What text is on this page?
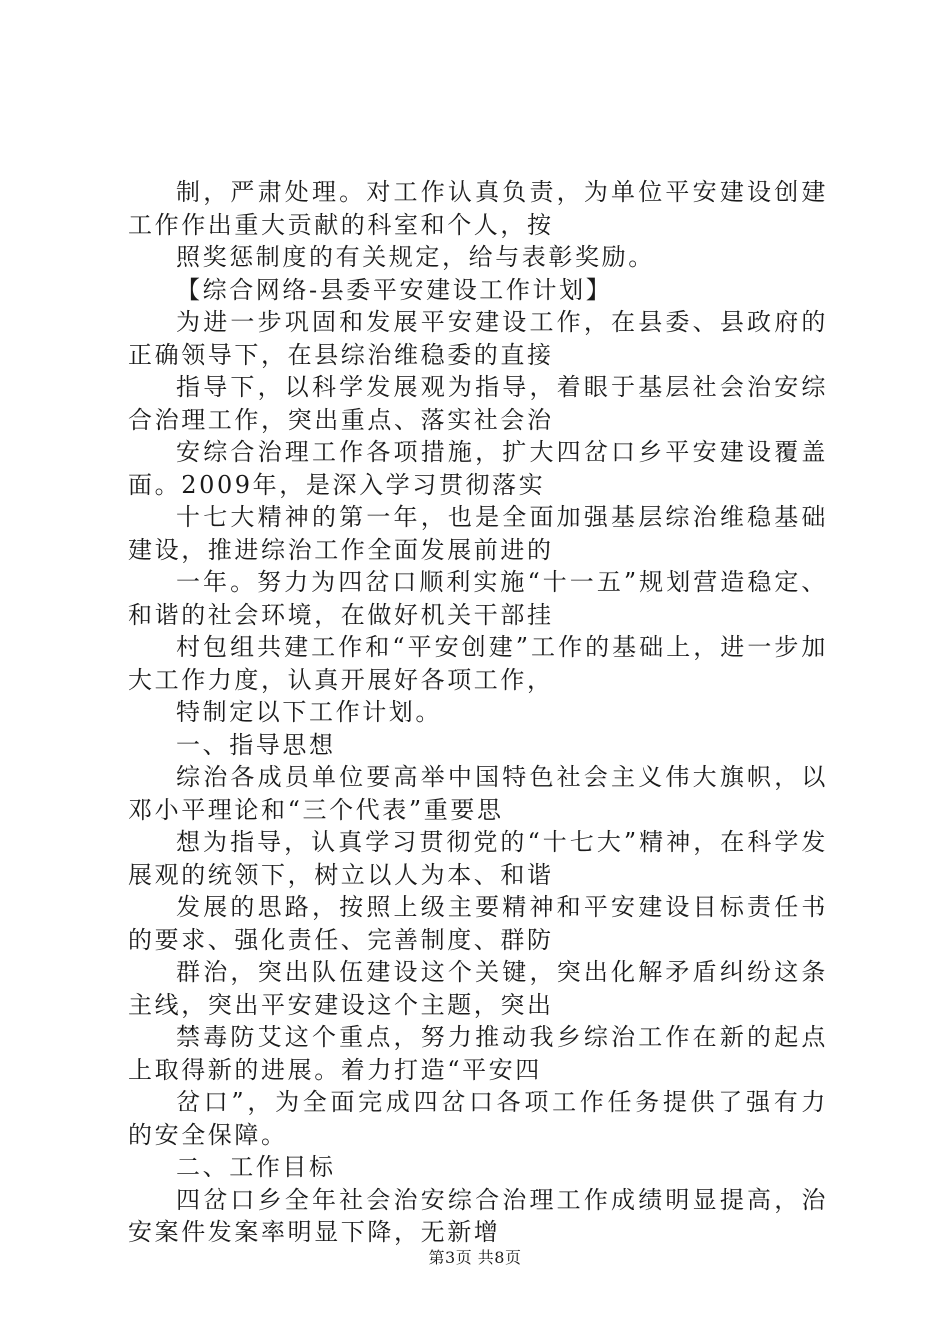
制，严肃处理。对工作认真负责，为单位平安建设创建工作作出重大贡献的科室和个人，按

照奖惩制度的有关规定，给与表彰奖励。

【综合网络-县委平安建设工作计划】

为进一步巩固和发展平安建设工作，在县委、县政府的正确领导下，在县综治维稳委的直接

指导下，以科学发展观为指导，着眼于基层社会治安综合治理工作，突出重点、落实社会治

安综合治理工作各项措施，扩大四岔口乡平安建设覆盖面。2009年，是深入学习贯彻落实

十七大精神的第一年，也是全面加强基层综治维稳基础建设，推进综治工作全面发展前进的

一年。努力为四岔口顺利实施“十一五”规划营造稳定、和谐的社会环境，在做好机关干部挂

村包组共建工作和“平安创建”工作的基础上，进一步加大工作力度，认真开展好各项工作，

特制定以下工作计划。

一、指导思想

综治各成员单位要高举中国特色社会主义伟大旗帜，以邓小平理论和“三个代表”重要思

想为指导，认真学习贯彻党的“十七大”精神，在科学发展观的统领下，树立以人为本、和谐

发展的思路，按照上级主要精神和平安建设目标责任书的要求、强化责任、完善制度、群防

群治，突出队伍建设这个关键，突出化解矛盾纠纷这条主线，突出平安建设这个主题，突出

禁毒防艾这个重点，努力推动我乡综治工作在新的起点上取得新的进展。着力打造“平安四

岔口”，为全面完成四岔口各项工作任务提供了强有力的安全保障。

二、工作目标

四岔口乡全年社会治安综合治理工作成绩明显提高，治安案件发案率明显下降，无新增

第3页 共8页
